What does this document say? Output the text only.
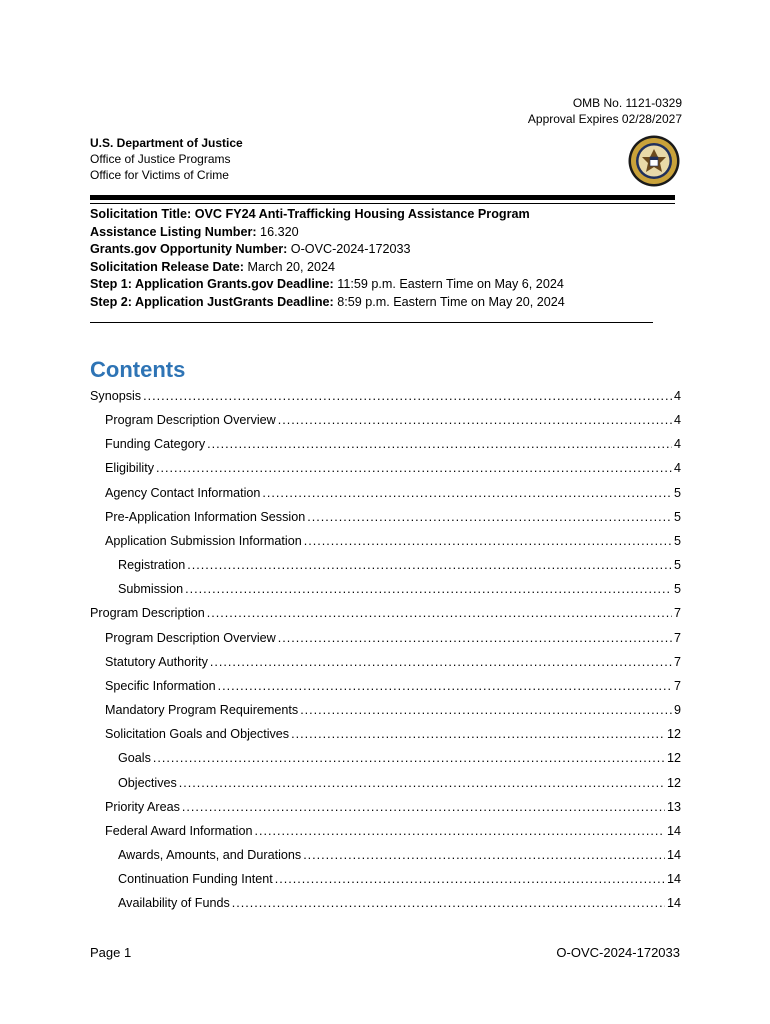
OMB No. 1121-0329
Approval Expires 02/28/2027
U.S. Department of Justice
Office of Justice Programs
Office for Victims of Crime
Solicitation Title: OVC FY24 Anti-Trafficking Housing Assistance Program
Assistance Listing Number: 16.320
Grants.gov Opportunity Number: O-OVC-2024-172033
Solicitation Release Date: March 20, 2024
Step 1: Application Grants.gov Deadline: 11:59 p.m. Eastern Time on May 6, 2024
Step 2: Application JustGrants Deadline: 8:59 p.m. Eastern Time on May 20, 2024
Contents
Synopsis .....	4
Program Description Overview .....	4
Funding Category .....	4
Eligibility .....	4
Agency Contact Information .....	5
Pre-Application Information Session .....	5
Application Submission Information .....	5
Registration .....	5
Submission .....	5
Program Description .....	7
Program Description Overview .....	7
Statutory Authority .....	7
Specific Information .....	7
Mandatory Program Requirements .....	9
Solicitation Goals and Objectives .....	12
Goals .....	12
Objectives .....	12
Priority Areas .....	13
Federal Award Information .....	14
Awards, Amounts, and Durations .....	14
Continuation Funding Intent .....	14
Availability of Funds .....	14
Page 1	O-OVC-2024-172033
